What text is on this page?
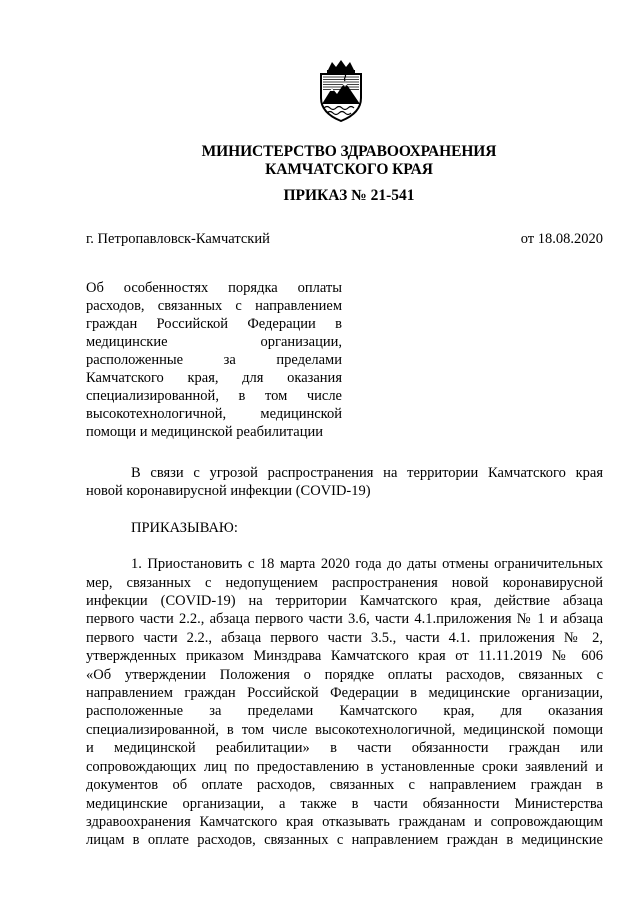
МИНИСТЕРСТВО ЗДРАВООХРАНЕНИЯ
КАМЧАТСКОГО КРАЯ
ПРИКАЗ № 21-541
г. Петропавловск-Камчатский	от 18.08.2020
Об особенностях порядка оплаты
расходов, связанных с направлением
граждан Российской Федерации в
медицинские организации,
расположенные за пределами
Камчатского края, для оказания
специализированной, в том числе
высокотехнологичной, медицинской
помощи и медицинской реабилитации
В связи с угрозой распространения на территории Камчатского края
новой коронавирусной инфекции (COVID-19)
ПРИКАЗЫВАЮ:
1. Приостановить с 18 марта 2020 года до даты отмены ограничительных
мер, связанных с недопущением распространения новой коронавирусной
инфекции (COVID-19) на территории Камчатского края, действие абзаца
первого части 2.2., абзаца первого части 3.6, части 4.1.приложения № 1 и абзаца
первого части 2.2., абзаца первого части 3.5., части 4.1. приложения № 2,
утвержденных приказом Минздрава Камчатского края от 11.11.2019 № 606
«Об утверждении Положения о порядке оплаты расходов, связанных с
направлением граждан Российской Федерации в медицинские организации,
расположенные за пределами Камчатского края, для оказания
специализированной, в том числе высокотехнологичной, медицинской помощи
и медицинской реабилитации» в части обязанности граждан или
сопровождающих лиц по предоставлению в установленные сроки заявлений и
документов об оплате расходов, связанных с направлением граждан в
медицинские организации, а также в части обязанности Министерства
здравоохранения Камчатского края отказывать гражданам и сопровождающим
лицам в оплате расходов, связанных с направлением граждан в медицинские
